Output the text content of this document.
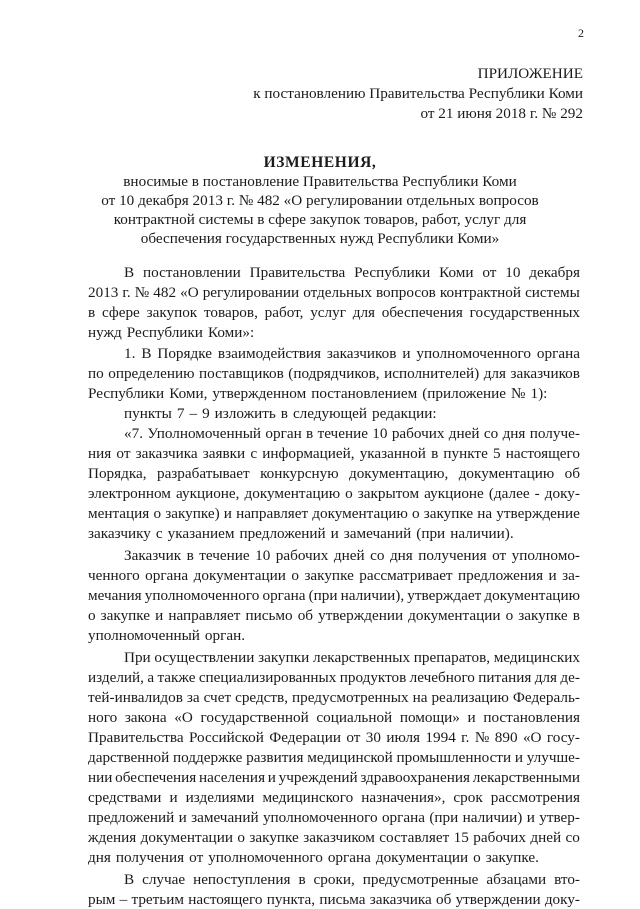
2
ПРИЛОЖЕНИЕ
к постановлению Правительства Республики Коми
от 21 июня 2018 г. № 292
ИЗМЕНЕНИЯ,
вносимые в постановление Правительства Республики Коми
от 10 декабря 2013 г. № 482 «О регулировании отдельных вопросов
контрактной системы в сфере закупок товаров, работ, услуг для
обеспечения государственных нужд Республики Коми»
В постановлении Правительства Республики Коми от 10 декабря
2013 г. № 482 «О регулировании отдельных вопросов контрактной системы
в сфере закупок товаров, работ, услуг для обеспечения государственных
нужд Республики Коми»:
1. В Порядке взаимодействия заказчиков и уполномоченного органа
по определению поставщиков (подрядчиков, исполнителей) для заказчиков
Республики Коми, утвержденном постановлением (приложение № 1):
пункты 7 – 9 изложить в следующей редакции:
«7. Уполномоченный орган в течение 10 рабочих дней со дня получе-
ния от заказчика заявки с информацией, указанной в пункте 5 настоящего
Порядка, разрабатывает конкурсную документацию, документацию об
электронном аукционе, документацию о закрытом аукционе (далее - доку-
ментация о закупке) и направляет документацию о закупке на утверждение
заказчику с указанием предложений и замечаний (при наличии).
Заказчик в течение 10 рабочих дней со дня получения от уполномо-
ченного органа документации о закупке рассматривает предложения и за-
мечания уполномоченного органа (при наличии), утверждает документацию
о закупке и направляет письмо об утверждении документации о закупке в
уполномоченный орган.
При осуществлении закупки лекарственных препаратов, медицинских
изделий, а также специализированных продуктов лечебного питания для де-
тей-инвалидов за счет средств, предусмотренных на реализацию Федераль-
ного закона «О государственной социальной помощи» и постановления
Правительства Российской Федерации от 30 июля 1994 г. № 890 «О госу-
дарственной поддержке развития медицинской промышленности и улучше-
нии обеспечения населения и учреждений здравоохранения лекарственными
средствами и изделиями медицинского назначения», срок рассмотрения
предложений и замечаний уполномоченного органа (при наличии) и утвер-
ждения документации о закупке заказчиком составляет 15 рабочих дней со
дня получения от уполномоченного органа документации о закупке.
В случае непоступления в сроки, предусмотренные абзацами вто-
рым – третьим настоящего пункта, письма заказчика об утверждении доку-
